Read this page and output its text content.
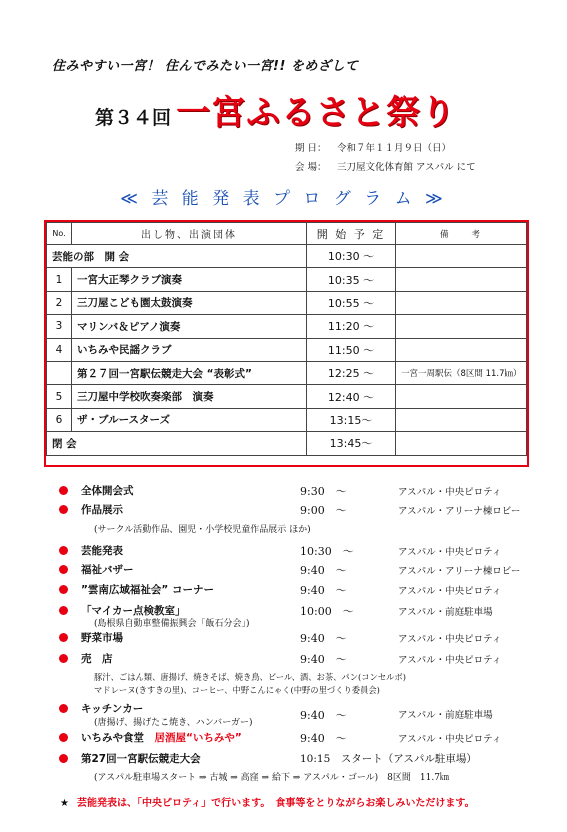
住みやすい一宮！ 住んでみたい一宮!! をめざして
第３４回 一宮ふるさと祭り
期 日： 令和７年１１月９日（日）
会 場： 三刀屋文化体育館 アスパル にて
≪ 芸 能 発 表 プ ロ グ ラ ム ≫
No.	出し物、出演団体	開 始 予 定	備　　考
芸能の部　開 会		10:30 ～	
1	一宮大正琴クラブ演奏	10:35 ～	
2	三刀屋こども園太鼓演奏	10:55 ～	
3	マリンバ＆ピアノ演奏	11:20 ～	
4	いちみや民謡クラブ	11:50 ～	
	第２７回一宮駅伝競走大会 “表彰式”	12:25 ～	一宮一周駅伝（8区間 11.7㎞）
5	三刀屋中学校吹奏楽部　演奏	12:40 ～	
6	ザ・ブルースターズ	13:15～	
閉 会		13:45～	
全体開会式	9:30　～	アスパル・中央ピロティ
作品展示	9:00　～	アスパル・アリーナ棟ロビー
(サークル活動作品、園児・小学校児童作品展示 ほか)
芸能発表	10:30　～	アスパル・中央ピロティ
福祉バザー	9:40　～	アスパル・アリーナ棟ロビー
”雲南広域福祉会” コーナー	9:40　～	アスパル・中央ピロティ
「マイカー点検教室」	10:00　～	アスパル・前庭駐車場
(島根県自動車整備振興会「飯石分会」)
野菜市場	9:40　～	アスパル・中央ピロティ
売　店	9:40　～	アスパル・中央ピロティ
豚汁、ごはん類、唐揚げ、焼きそば、焼き鳥、ビール、酒、お茶、パン(コンセルボ)
マドレーヌ(きすきの里)、コーヒー、中野こんにゃく(中野の里づくり委員会)
キッチンカー	9:40　～	アスパル・前庭駐車場
(唐揚げ、揚げたこ焼き、ハンバーガー)
いちみや食堂　 居酒屋“いちみや”	9:40　～	アスパル・中央ピロティ
第27回一宮駅伝競走大会	10:15　スタート（アスパル駐車場）
(アスパル駐車場スタート ⇒ 古城 ⇒ 高窪 ⇒ 給下 ⇒ アスパル・ゴール)　8区間　11.7㎞
★ 芸能発表は、「中央ピロティ」で行います。　食事等をとりながらお楽しみいただけます。
